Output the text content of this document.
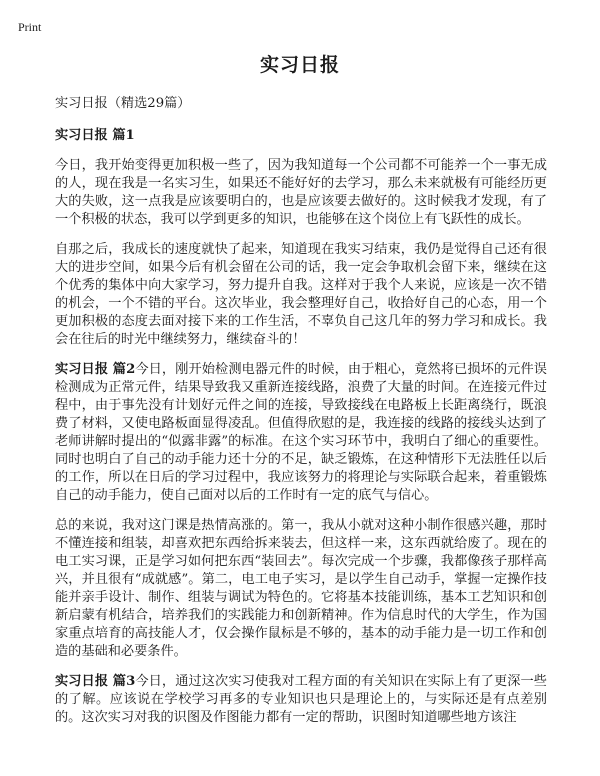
Print
实习日报

实习日报（精选29篇）

实习日报 篇1

今日，我开始变得更加积极一些了，因为我知道每一个公司都不可能养一个一事无成的人，现在我是一名实习生，如果还不能好好的去学习，那么未来就极有可能经历更大的失败，这一点我是应该要明白的，也是应该要去做好的。这时候我才发现，有了一个积极的状态，我可以学到更多的知识，也能够在这个岗位上有飞跃性的成长。

自那之后，我成长的速度就快了起来，知道现在我实习结束，我仍是觉得自己还有很大的进步空间，如果今后有机会留在公司的话，我一定会争取机会留下来，继续在这个优秀的集体中向大家学习，努力提升自我。这样对于我个人来说，应该是一次不错的机会，一个不错的平台。这次毕业，我会整理好自己，收拾好自己的心态，用一个更加积极的态度去面对接下来的工作生活，不辜负自己这几年的努力学习和成长。我会在往后的时光中继续努力，继续奋斗的！

实习日报 篇2今日，刚开始检测电器元件的时候，由于粗心，竟然将已损坏的元件误检测成为正常元件，结果导致我又重新连接线路，浪费了大量的时间。在连接元件过程中，由于事先没有计划好元件之间的连接，导致接线在电路板上长距离绕行，既浪费了材料，又使电路板面显得凌乱。但值得欣慰的是，我连接的线路的接线头达到了老师讲解时提出的“似露非露”的标准。在这个实习环节中，我明白了细心的重要性。同时也明白了自己的动手能力还十分的不足，缺乏锻炼，在这种情形下无法胜任以后的工作，所以在日后的学习过程中，我应该努力的将理论与实际联合起来，着重锻炼自己的动手能力，使自己面对以后的工作时有一定的底气与信心。

总的来说，我对这门课是热情高涨的。第一，我从小就对这种小制作很感兴趣，那时不懂连接和组装，却喜欢把东西给拆来装去，但这样一来，这东西就给废了。现在的电工实习课，正是学习如何把东西“装回去”。每次完成一个步骤，我都像孩子那样高兴，并且很有“成就感”。第二，电工电子实习，是以学生自己动手，掌握一定操作技能并亲手设计、制作、组装与调试为特色的。它将基本技能训练，基本工艺知识和创新启蒙有机结合，培养我们的实践能力和创新精神。作为信息时代的大学生，作为国家重点培育的高技能人才，仅会操作鼠标是不够的，基本的动手能力是一切工作和创造的基础和必要条件。

实习日报 篇3今日，通过这次实习使我对工程方面的有关知识在实际上有了更深一些的了解。应该说在学校学习再多的专业知识也只是理论上的，与实际还是有点差别的。这次实习对我的识图及作图能力都有一定的帮助，识图时知道哪些地方该注
